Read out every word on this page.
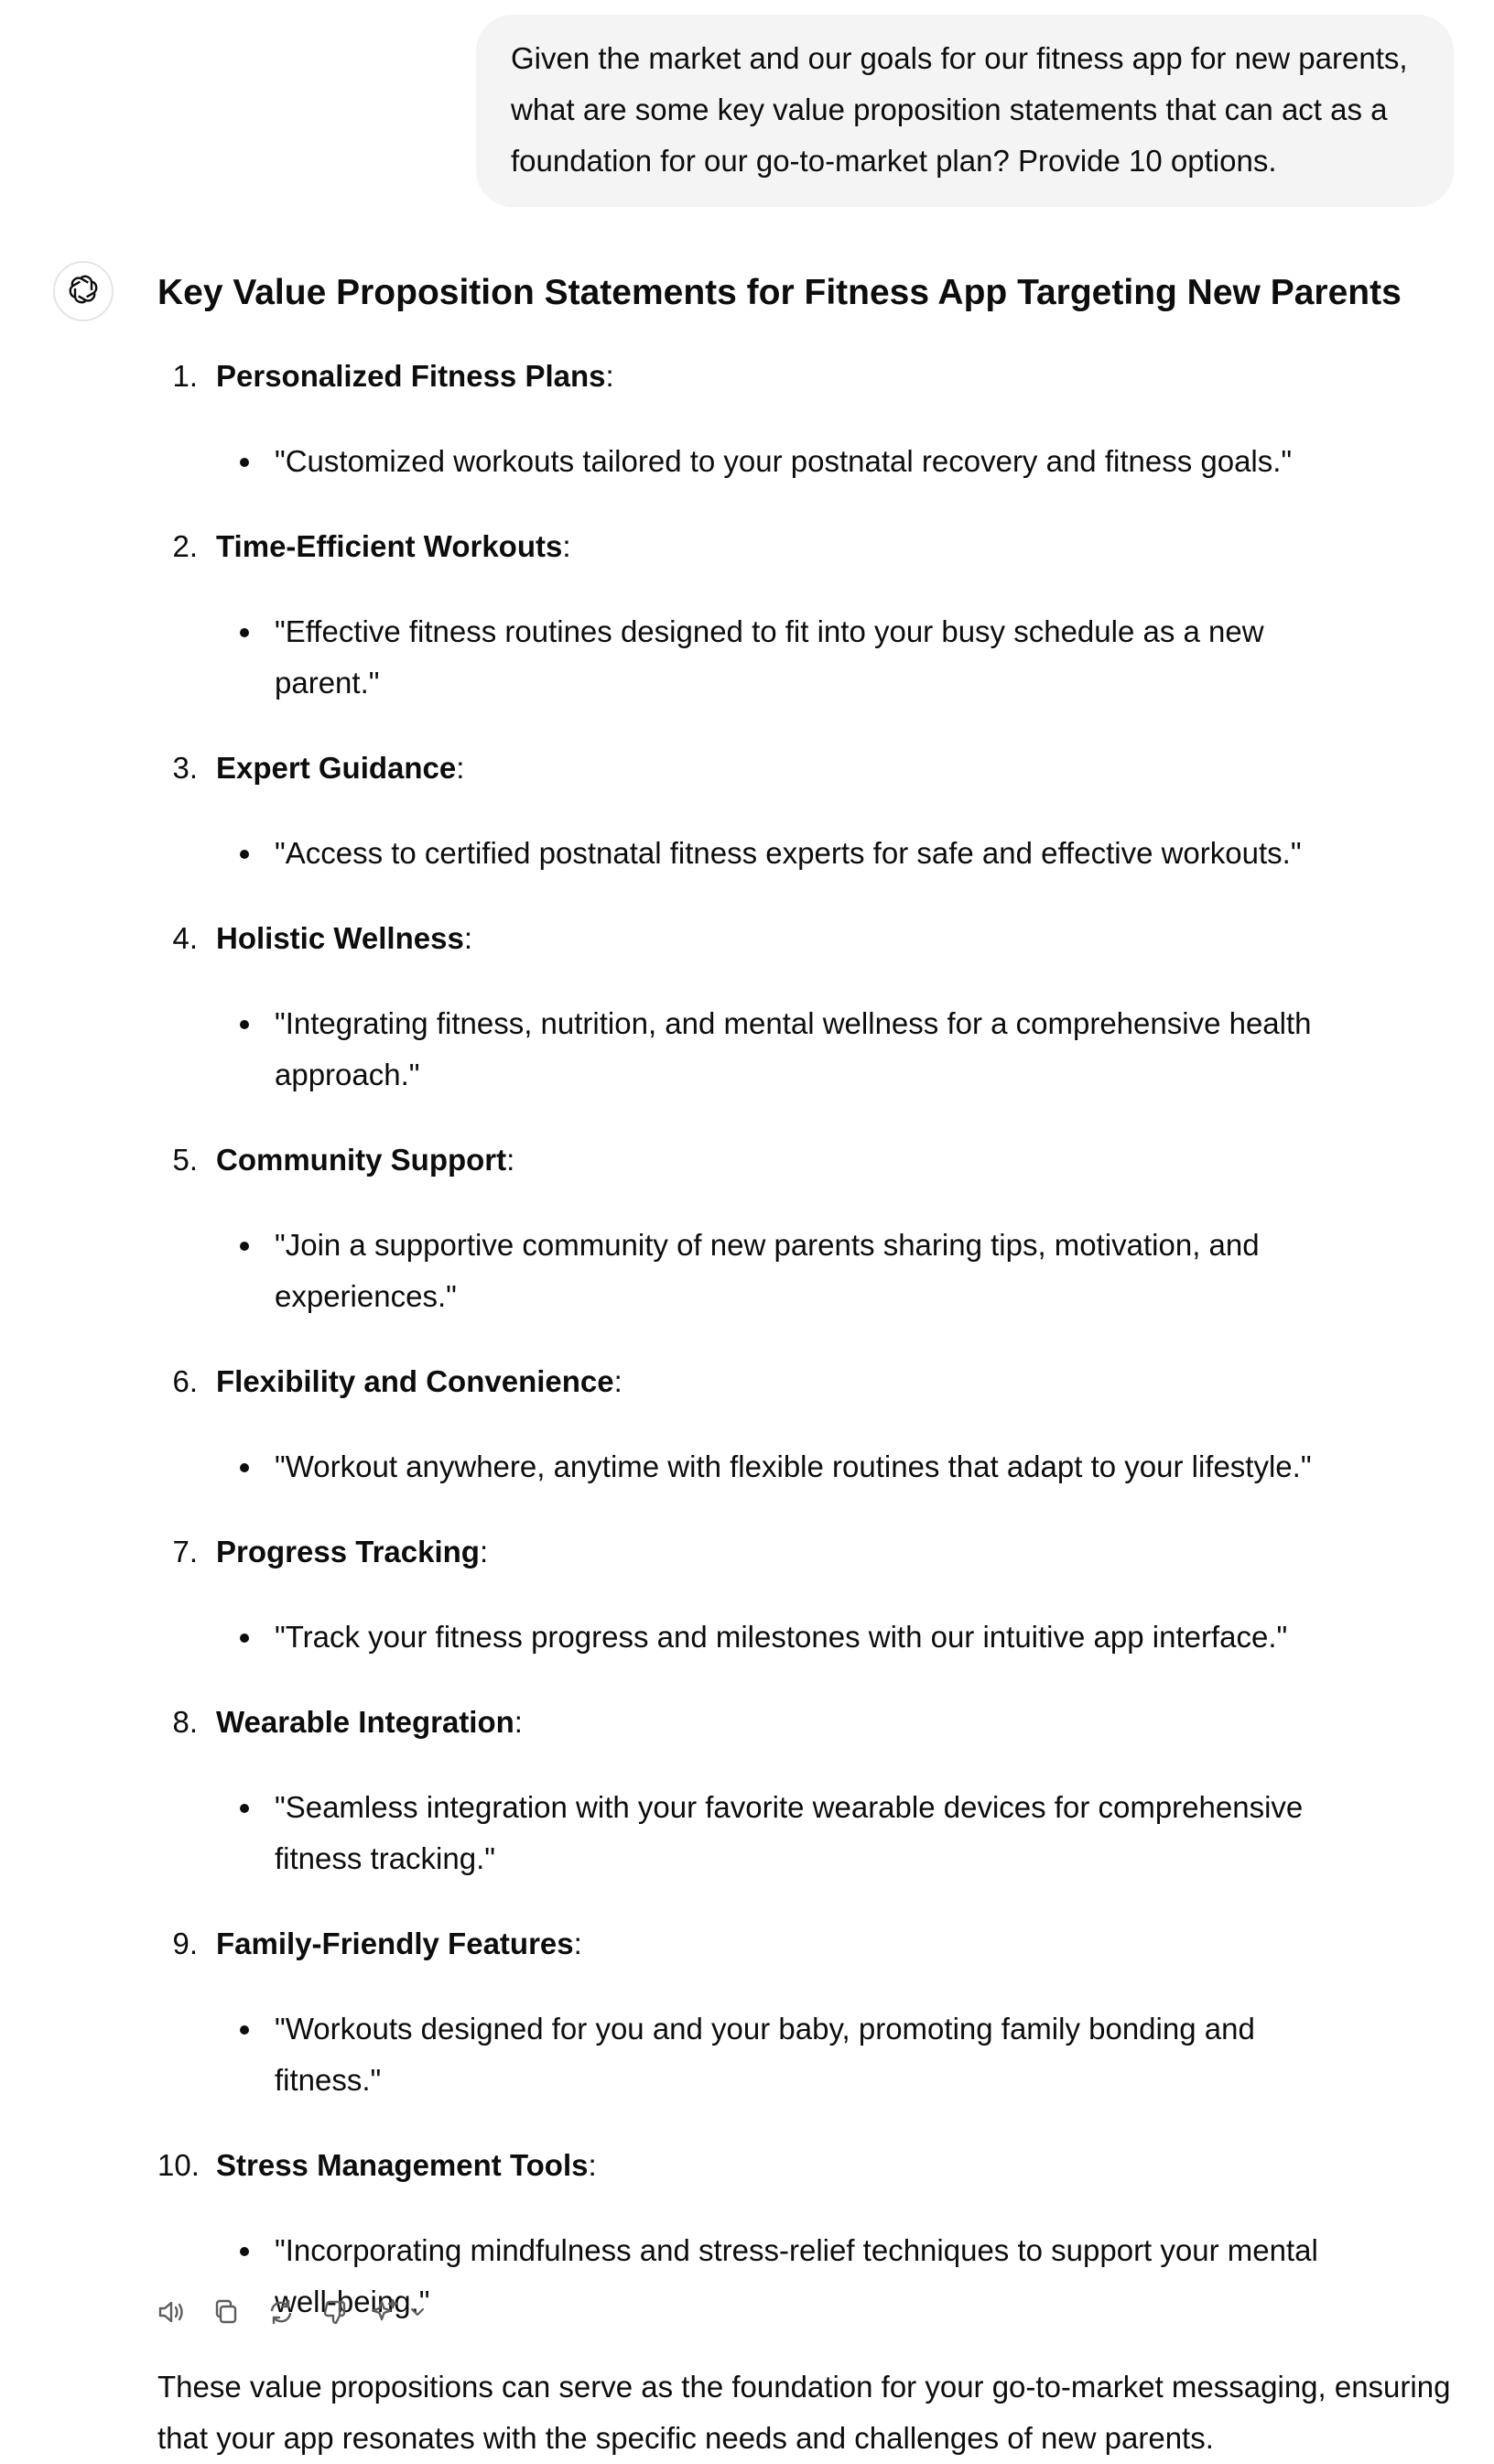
Given the market and our goals for our fitness app for new parents, what are some key value proposition statements that can act as a foundation for our go-to-market plan? Provide 10 options.
Key Value Proposition Statements for Fitness App Targeting New Parents
1. Personalized Fitness Plans:
"Customized workouts tailored to your postnatal recovery and fitness goals."
2. Time-Efficient Workouts:
"Effective fitness routines designed to fit into your busy schedule as a new parent."
3. Expert Guidance:
"Access to certified postnatal fitness experts for safe and effective workouts."
4. Holistic Wellness:
"Integrating fitness, nutrition, and mental wellness for a comprehensive health approach."
5. Community Support:
"Join a supportive community of new parents sharing tips, motivation, and experiences."
6. Flexibility and Convenience:
"Workout anywhere, anytime with flexible routines that adapt to your lifestyle."
7. Progress Tracking:
"Track your fitness progress and milestones with our intuitive app interface."
8. Wearable Integration:
"Seamless integration with your favorite wearable devices for comprehensive fitness tracking."
9. Family-Friendly Features:
"Workouts designed for you and your baby, promoting family bonding and fitness."
10. Stress Management Tools:
"Incorporating mindfulness and stress-relief techniques to support your mental well-being."
These value propositions can serve as the foundation for your go-to-market messaging, ensuring that your app resonates with the specific needs and challenges of new parents.
